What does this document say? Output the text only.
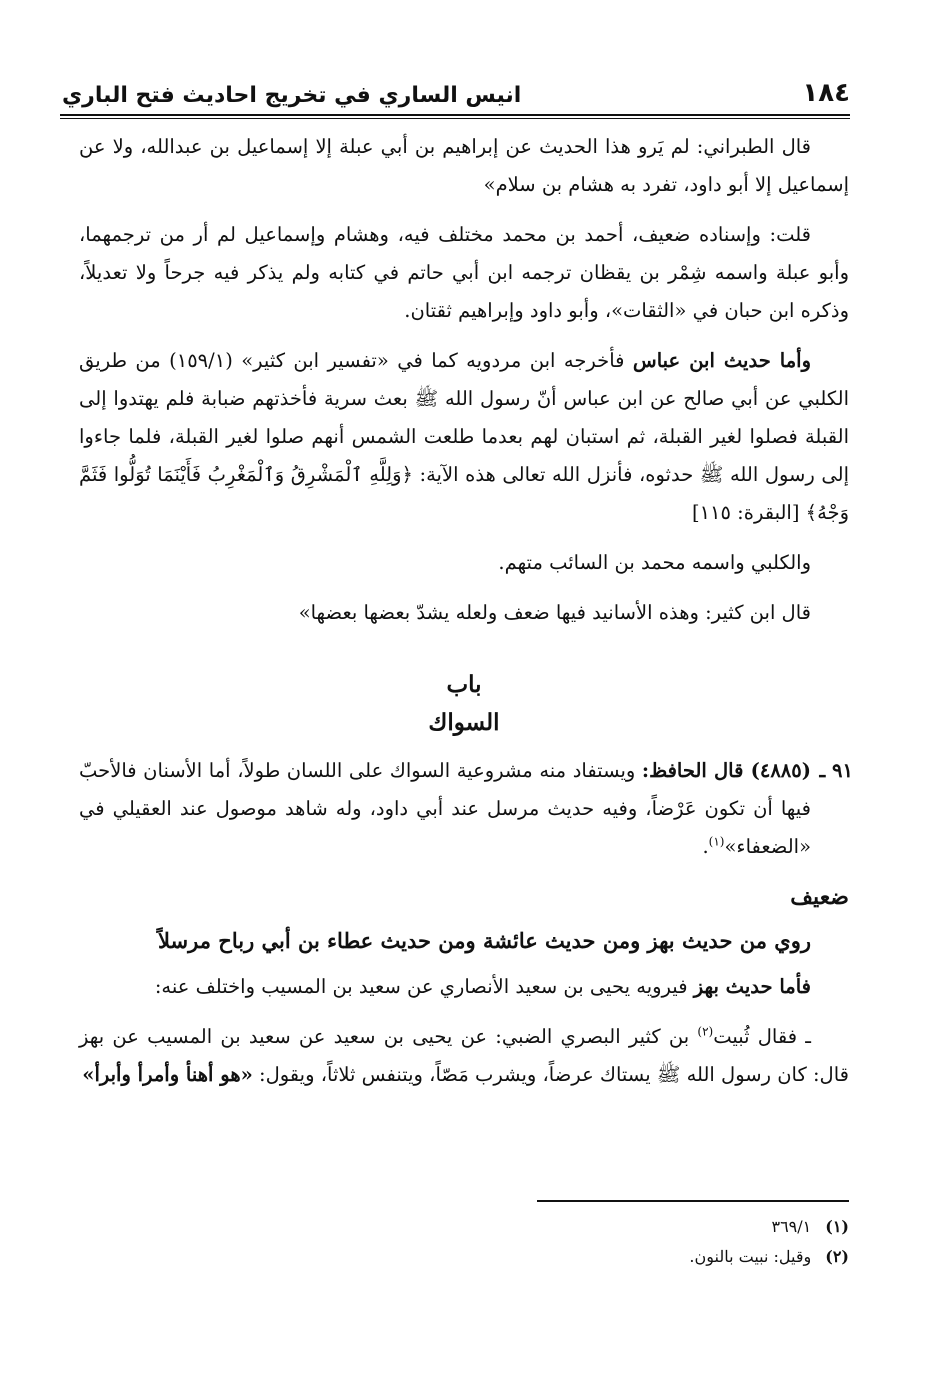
١٨٤
انيس الساري في تخريج احاديث فتح الباري

قال الطبراني: لم يَرو هذا الحديث عن إبراهيم بن أبي عبلة إلا إسماعيل بن عبدالله، ولا عن إسماعيل إلا أبو داود، تفرد به هشام بن سلام»

قلت: وإسناده ضعيف، أحمد بن محمد مختلف فيه، وهشام وإسماعيل لم أر من ترجمهما، وأبو عبلة واسمه شِمْر بن يقظان ترجمه ابن أبي حاتم في كتابه ولم يذكر فيه جرحاً ولا تعديلاً، وذكره ابن حبان في «الثقات»، وأبو داود وإبراهيم ثقتان.

وأما حديث ابن عباس فأخرجه ابن مردويه كما في «تفسير ابن كثير» (١٥٩/١) من طريق الكلبي عن أبي صالح عن ابن عباس أنّ رسول الله ﷺ بعث سرية فأخذتهم ضبابة فلم يهتدوا إلى القبلة فصلوا لغير القبلة، ثم استبان لهم بعدما طلعت الشمس أنهم صلوا لغير القبلة، فلما جاءوا إلى رسول الله ﷺ حدثوه، فأنزل الله تعالى هذه الآية: ﴿وَلِلَّهِ ٱلْمَشْرِقُ وَٱلْمَغْرِبُ فَأَيْنَمَا تُوَلُّوا فَثَمَّ وَجْهُ﴾ [البقرة: ١١٥]

والكلبي واسمه محمد بن السائب متهم.

قال ابن كثير: وهذه الأسانيد فيها ضعف ولعله يشدّ بعضها بعضها»

باب

السواك

٩١ ـ
(٤٨٨٥) قال الحافظ: ويستفاد منه مشروعية السواك على اللسان طولاً، أما الأسنان فالأحبّ فيها أن تكون عَرْضاً، وفيه حديث مرسل عند أبي داود، وله شاهد موصول عند العقيلي في «الضعفاء»$^{(١)}$.

ضعيف

روي من حديث بهز ومن حديث عائشة ومن حديث عطاء بن أبي رباح مرسلاً

فأما حديث بهز فيرويه يحيى بن سعيد الأنصاري عن سعيد بن المسيب واختلف عنه:

ـ فقال ثُبيت$^{(٢)}$ بن كثير البصري الضبي: عن يحيى بن سعيد عن سعيد بن المسيب عن بهز قال: كان رسول الله ﷺ يستاك عرضاً، ويشرب مَصّاً، ويتنفس ثلاثاً، ويقول: «هو أهنأ وأمرأ وأبرأ»

(١)
٣٦٩/١
(٢)
وقيل: نبيت بالنون.
